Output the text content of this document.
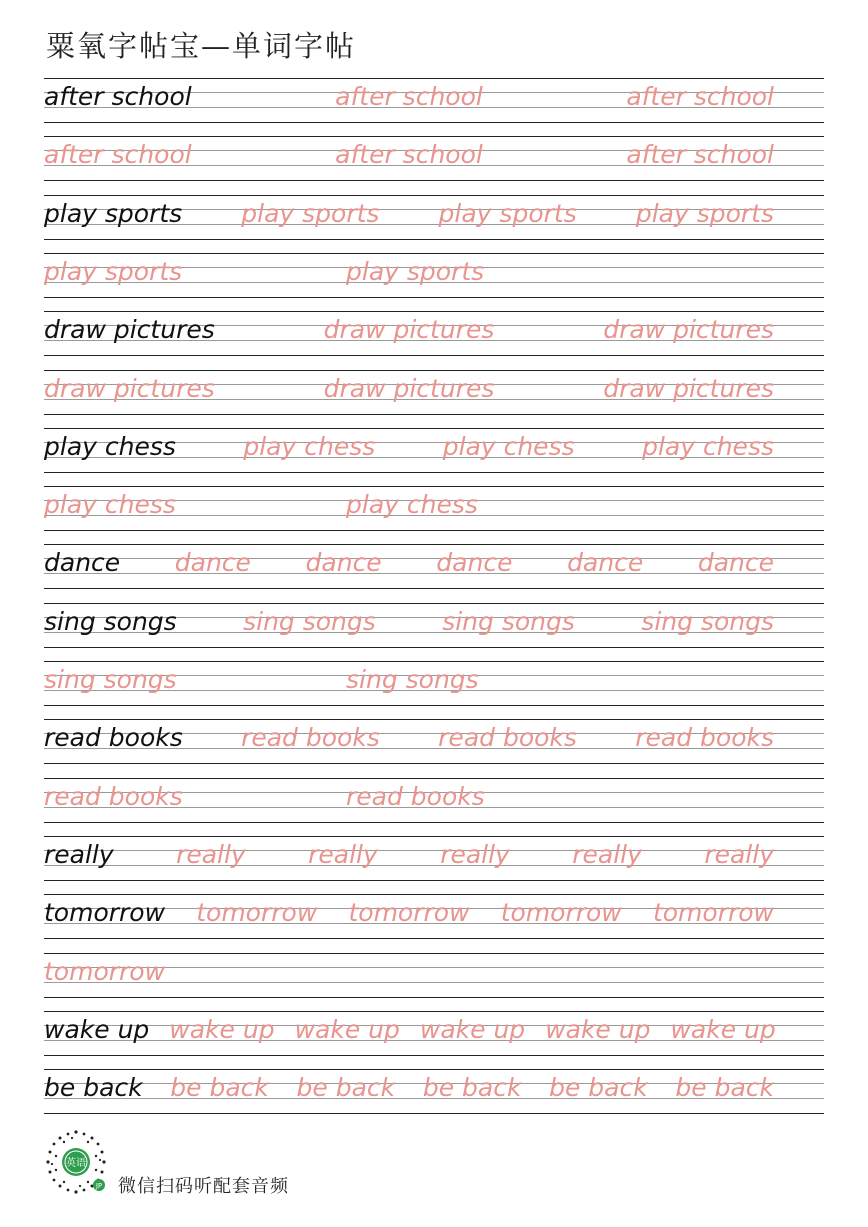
粟氧字帖宝—单词字帖
after school	after school	after school
after school	after school	after school
play sports play sports play sports play sports
play sports	play sports
draw pictures	draw pictures	draw pictures
draw pictures	draw pictures	draw pictures
play chess	play chess	play chess	play chess
play chess	play chess
dance dance dance dance dance dance
sing songs	sing songs	sing songs	sing songs
sing songs	sing songs
read books read books read books read books
read books	read books
really really really really really really
tomorrow tomorrow tomorrow tomorrow tomorrow
tomorrow
wake up wake up wake up wake up wake up wake up
be back be back be back be back be back be back
英语
JP 微信扫码听配套音频
